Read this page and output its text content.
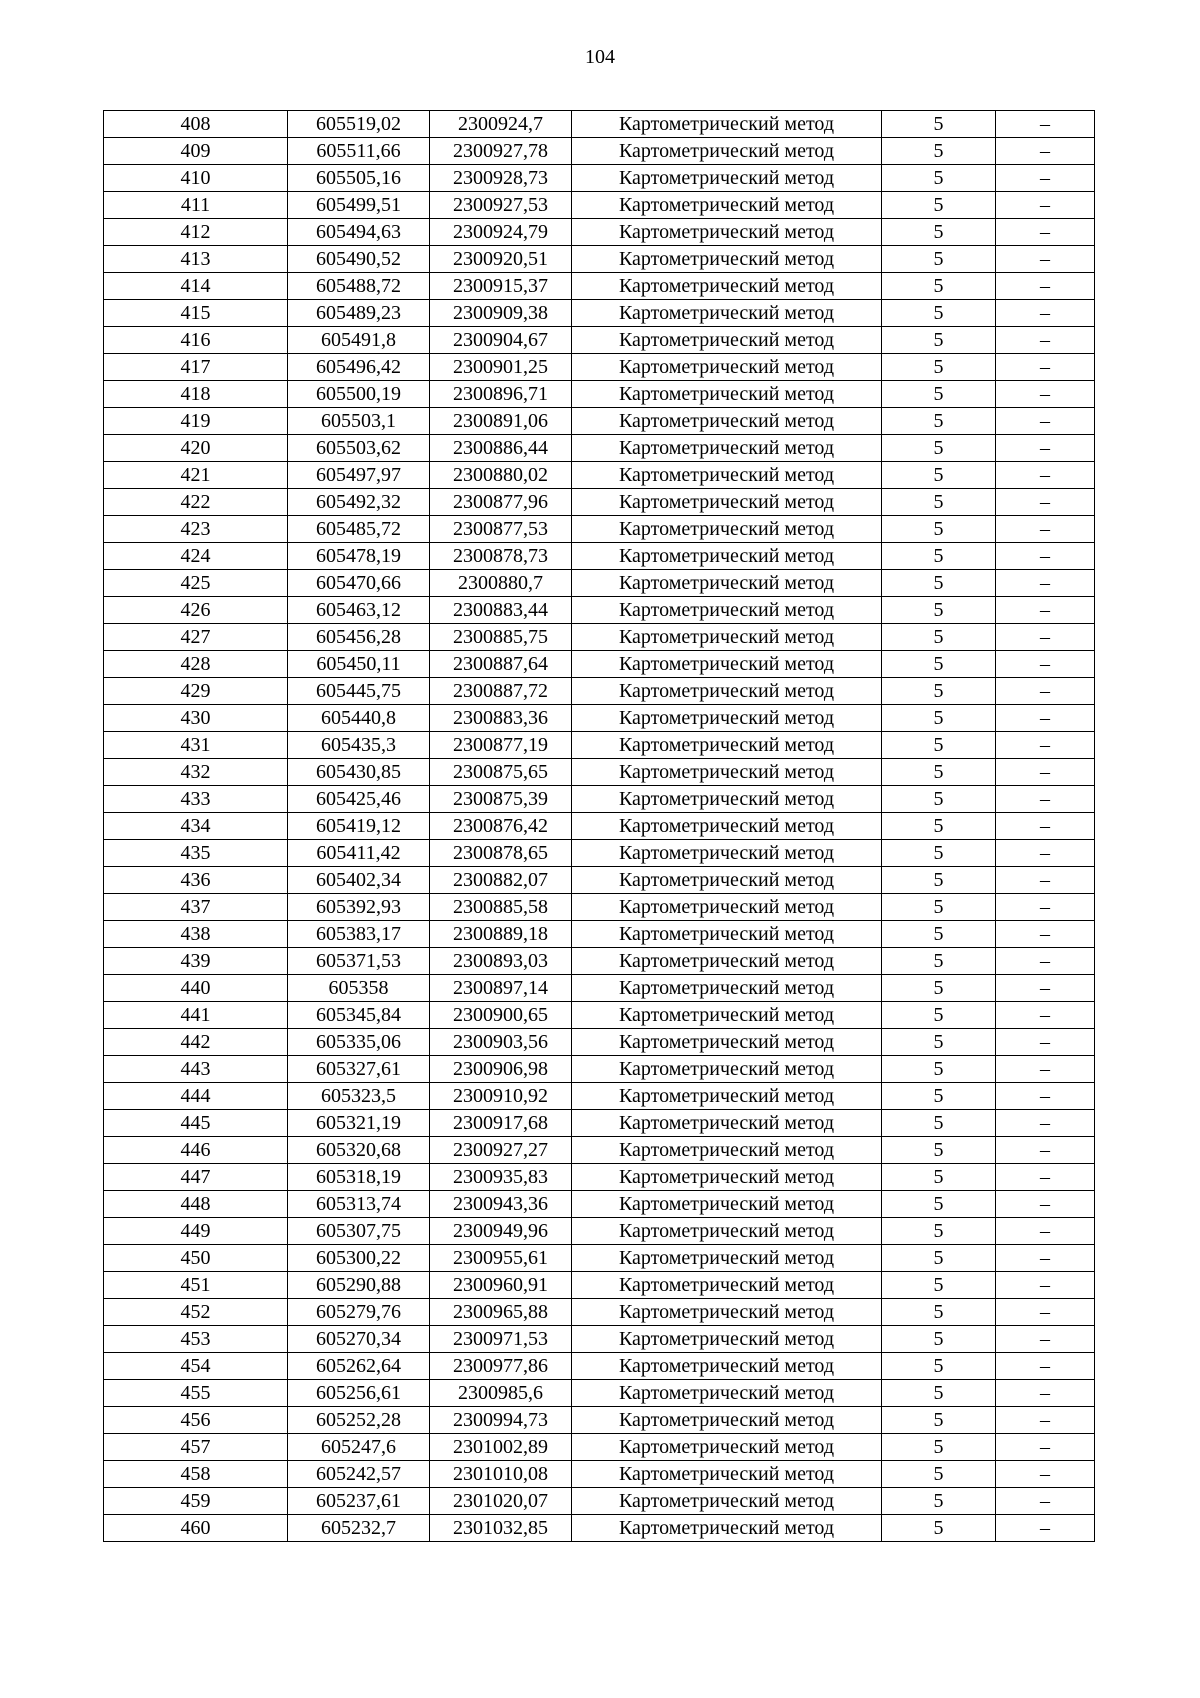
104
408	605519,02	2300924,7	Картометрический метод	5	–
409	605511,66	2300927,78	Картометрический метод	5	–
410	605505,16	2300928,73	Картометрический метод	5	–
411	605499,51	2300927,53	Картометрический метод	5	–
412	605494,63	2300924,79	Картометрический метод	5	–
413	605490,52	2300920,51	Картометрический метод	5	–
414	605488,72	2300915,37	Картометрический метод	5	–
415	605489,23	2300909,38	Картометрический метод	5	–
416	605491,8	2300904,67	Картометрический метод	5	–
417	605496,42	2300901,25	Картометрический метод	5	–
418	605500,19	2300896,71	Картометрический метод	5	–
419	605503,1	2300891,06	Картометрический метод	5	–
420	605503,62	2300886,44	Картометрический метод	5	–
421	605497,97	2300880,02	Картометрический метод	5	–
422	605492,32	2300877,96	Картометрический метод	5	–
423	605485,72	2300877,53	Картометрический метод	5	–
424	605478,19	2300878,73	Картометрический метод	5	–
425	605470,66	2300880,7	Картометрический метод	5	–
426	605463,12	2300883,44	Картометрический метод	5	–
427	605456,28	2300885,75	Картометрический метод	5	–
428	605450,11	2300887,64	Картометрический метод	5	–
429	605445,75	2300887,72	Картометрический метод	5	–
430	605440,8	2300883,36	Картометрический метод	5	–
431	605435,3	2300877,19	Картометрический метод	5	–
432	605430,85	2300875,65	Картометрический метод	5	–
433	605425,46	2300875,39	Картометрический метод	5	–
434	605419,12	2300876,42	Картометрический метод	5	–
435	605411,42	2300878,65	Картометрический метод	5	–
436	605402,34	2300882,07	Картометрический метод	5	–
437	605392,93	2300885,58	Картометрический метод	5	–
438	605383,17	2300889,18	Картометрический метод	5	–
439	605371,53	2300893,03	Картометрический метод	5	–
440	605358	2300897,14	Картометрический метод	5	–
441	605345,84	2300900,65	Картометрический метод	5	–
442	605335,06	2300903,56	Картометрический метод	5	–
443	605327,61	2300906,98	Картометрический метод	5	–
444	605323,5	2300910,92	Картометрический метод	5	–
445	605321,19	2300917,68	Картометрический метод	5	–
446	605320,68	2300927,27	Картометрический метод	5	–
447	605318,19	2300935,83	Картометрический метод	5	–
448	605313,74	2300943,36	Картометрический метод	5	–
449	605307,75	2300949,96	Картометрический метод	5	–
450	605300,22	2300955,61	Картометрический метод	5	–
451	605290,88	2300960,91	Картометрический метод	5	–
452	605279,76	2300965,88	Картометрический метод	5	–
453	605270,34	2300971,53	Картометрический метод	5	–
454	605262,64	2300977,86	Картометрический метод	5	–
455	605256,61	2300985,6	Картометрический метод	5	–
456	605252,28	2300994,73	Картометрический метод	5	–
457	605247,6	2301002,89	Картометрический метод	5	–
458	605242,57	2301010,08	Картометрический метод	5	–
459	605237,61	2301020,07	Картометрический метод	5	–
460	605232,7	2301032,85	Картометрический метод	5	–
